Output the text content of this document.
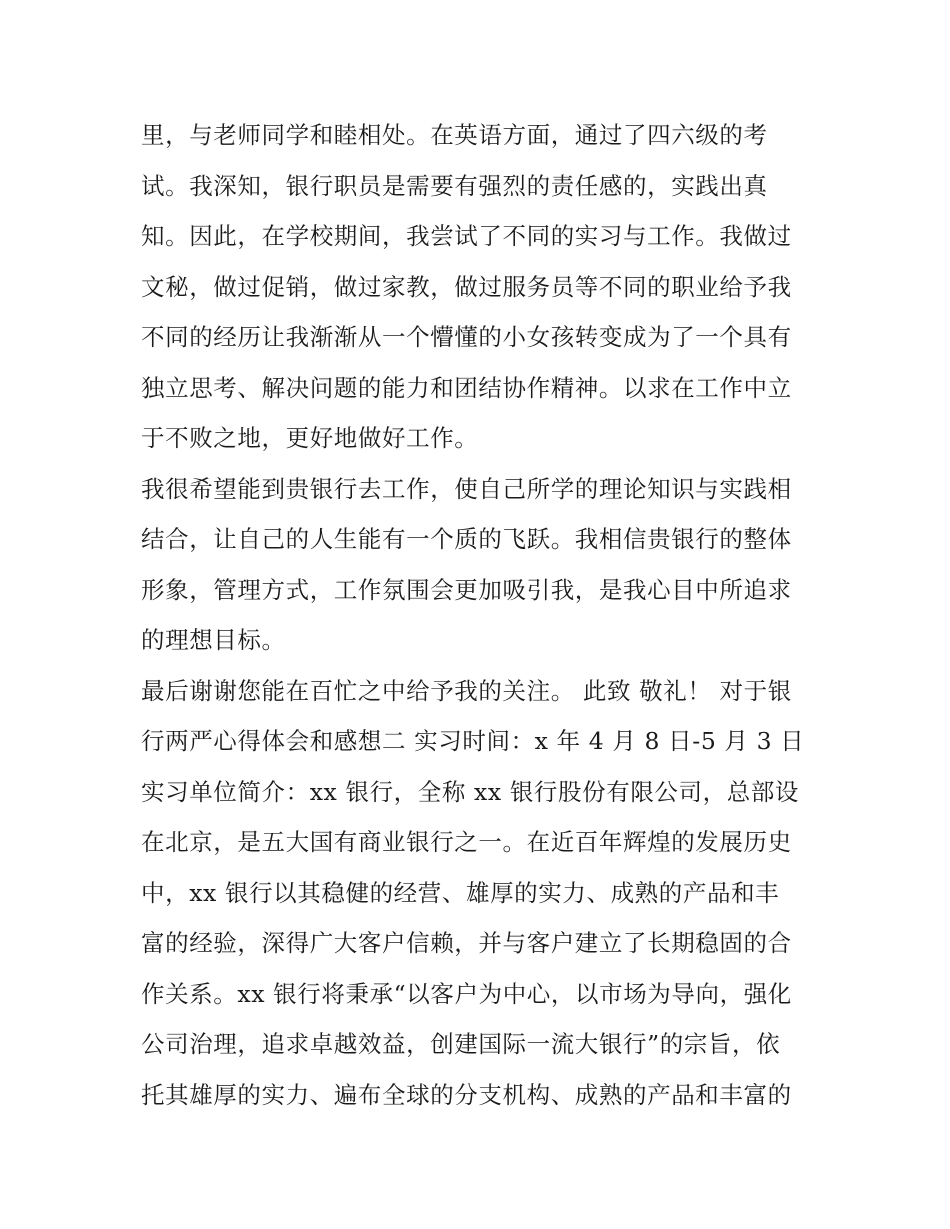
里，与老师同学和睦相处。在英语方面，通过了四六级的考
试。我深知，银行职员是需要有强烈的责任感的，实践出真
知。因此，在学校期间，我尝试了不同的实习与工作。我做过
文秘，做过促销，做过家教，做过服务员等不同的职业给予我
不同的经历让我渐渐从一个懵懂的小女孩转变成为了一个具有
独立思考、解决问题的能力和团结协作精神。以求在工作中立
于不败之地，更好地做好工作。
我很希望能到贵银行去工作，使自己所学的理论知识与实践相
结合，让自己的人生能有一个质的飞跃。我相信贵银行的整体
形象，管理方式，工作氛围会更加吸引我，是我心目中所追求
的理想目标。
最后谢谢您能在百忙之中给予我的关注。 此致 敬礼！ 对于银
行两严心得体会和感想二 实习时间：x 年 4 月 8 日-5 月 3 日
实习单位简介：xx 银行，全称 xx 银行股份有限公司，总部设
在北京，是五大国有商业银行之一。在近百年辉煌的发展历史
中，xx 银行以其稳健的经营、雄厚的实力、成熟的产品和丰
富的经验，深得广大客户信赖，并与客户建立了长期稳固的合
作关系。xx 银行将秉承“以客户为中心，以市场为导向，强化
公司治理，追求卓越效益，创建国际一流大银行”的宗旨，依
托其雄厚的实力、遍布全球的分支机构、成熟的产品和丰富的
